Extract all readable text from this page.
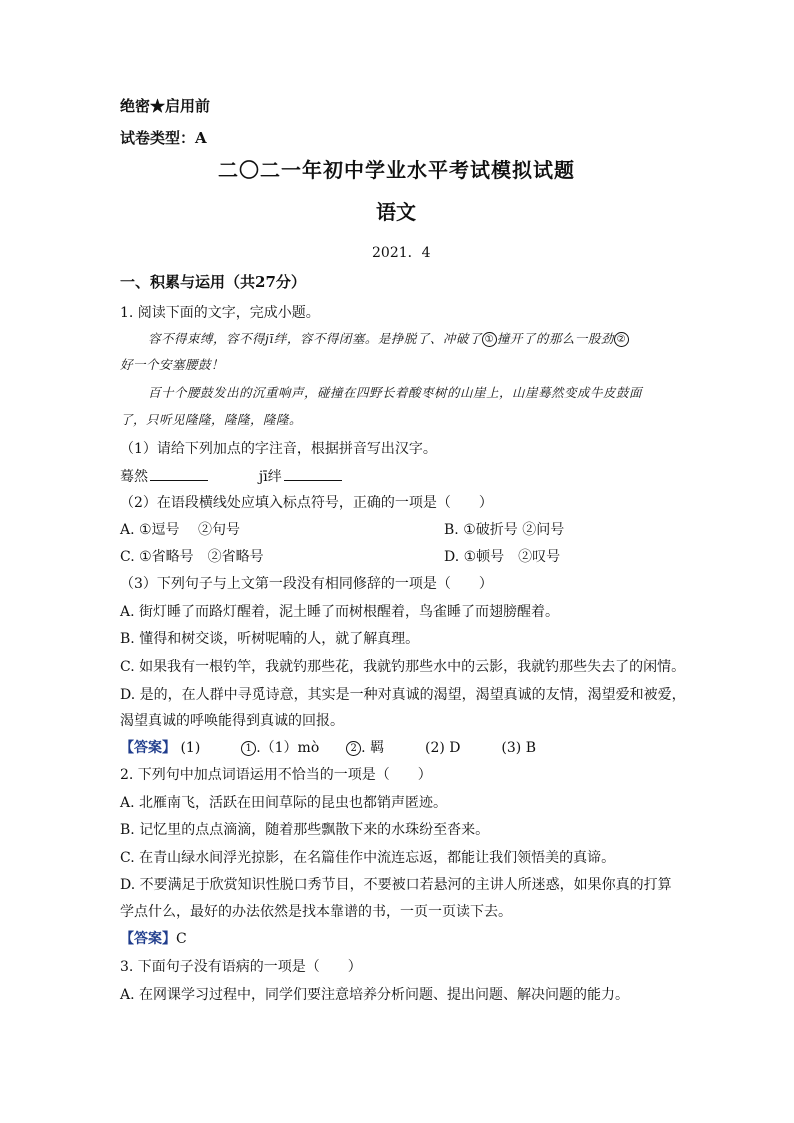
绝密★启用前
试卷类型：A
二〇二一年初中学业水平考试模拟试题
语文
2021．4
一、积累与运用（共27分）
1. 阅读下面的文字，完成小题。
容不得束缚，容不得jī绊，容不得闭塞。是挣脱了、冲破了 ① 撞开了的那么一股劲 ②
好一个安塞腰鼓！
百十个腰鼓发出的沉重响声，碰撞在四野长着酸枣树的山崖上，山崖蓦然变成牛皮鼓面
了，只听见隆隆，隆隆，隆隆。
（1）请给下列加点的字注音，根据拼音写出汉字。
蓦然	jī绊
（2）在语段横线处应填入标点符号，正确的一项是（　　）
A. ①逗号　 ②句号	B. ①破折号 ②问号
C. ①省略号　②省略号	D. ①顿号　②叹号
（3）下列句子与上文第一段没有相同修辞的一项是（　　）
A. 街灯睡了而路灯醒着，泥土睡了而树根醒着，鸟雀睡了而翅膀醒着。
B. 懂得和树交谈，听树呢喃的人，就了解真理。
C. 如果我有一根钓竿，我就钓那些花，我就钓那些水中的云影，我就钓那些失去了的闲情。
D. 是的，在人群中寻觅诗意，其实是一种对真诚的渴望，渴望真诚的友情，渴望爱和被爱，
渴望真诚的呼唤能得到真诚的回报。
【答案】 (1)	1 .（1）mò	2 . 羁	(2) D	(3) B
2. 下列句中加点词语运用不恰当的一项是（　　）
A. 北雁南飞，活跃在田间草际的昆虫也都销声匿迹。
B. 记忆里的点点滴滴，随着那些飘散下来的水珠纷至沓来。
C. 在青山绿水间浮光掠影，在名篇佳作中流连忘返，都能让我们领悟美的真谛。
D. 不要满足于欣赏知识性脱口秀节目，不要被口若悬河的主讲人所迷惑，如果你真的打算
学点什么，最好的办法依然是找本靠谱的书，一页一页读下去。
【答案】C
3. 下面句子没有语病的一项是（　　）
A. 在网课学习过程中，同学们要注意培养分析问题、提出问题、解决问题的能力。
